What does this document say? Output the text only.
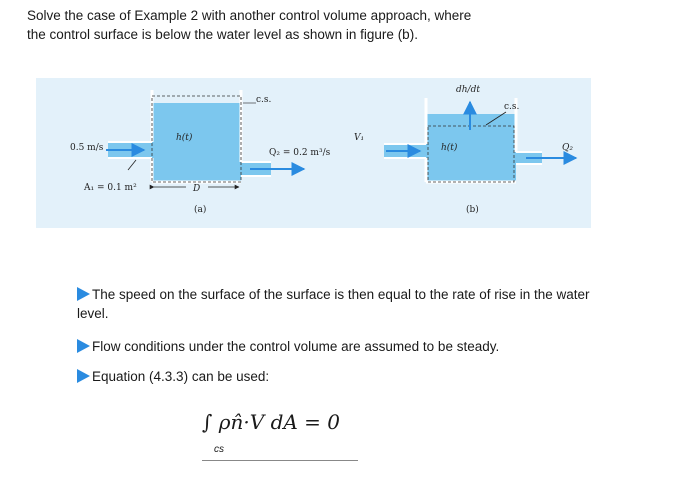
Solve the case of Example 2 with another control volume approach, where the control surface is below the water level as shown in figure (b).
0.5 m/s
A₁ = 0.1 m²
h(t)
D
c.s.
Q₂ = 0.2 m³/s
(a)
dh/dt
c.s.
V₁
h(t)	Q₂
(b)
The speed on the surface of the surface is then equal to the rate of rise in the water level.
Flow conditions under the control volume are assumed to be steady.
Equation (4.3.3) can be used:
∫ ρn̂·V dA = 0
cs
